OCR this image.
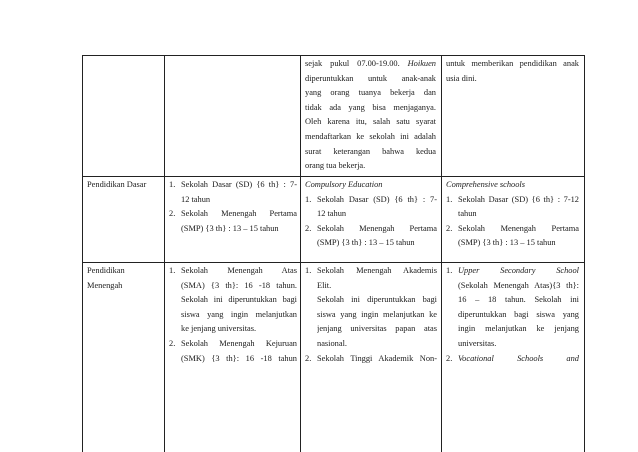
sejak pukul 07.00-19.00. Hoikuen
diperuntukkan untuk anak-anak
yang orang tuanya bekerja dan
tidak ada yang bisa menjaganya.
Oleh karena itu, salah satu syarat
mendaftarkan ke sekolah ini adalah
surat keterangan bahwa kedua
orang tua bekerja.
untuk memberikan pendidikan anak
usia dini.
Pendidikan Dasar	1. Sekolah Dasar (SD) {6 th} : 7-
12 tahun
2. Sekolah Menengah Pertama
(SMP) {3 th} : 13 – 15 tahun
Compulsory Education
1. Sekolah Dasar (SD) {6 th} : 7-
12 tahun
2. Sekolah Menengah Pertama
(SMP) {3 th} : 13 – 15 tahun
Comprehensive schools
1. Sekolah Dasar (SD) {6 th} : 7-12
tahun
2. Sekolah Menengah Pertama
(SMP) {3 th} : 13 – 15 tahun
Pendidikan
Menengah
1. Sekolah Menengah Atas
(SMA) {3 th}: 16 -18 tahun.
Sekolah ini diperuntukkan bagi
siswa yang ingin melanjutkan
ke jenjang universitas.
2. Sekolah Menengah Kejuruan
(SMK) {3 th}: 16 -18 tahun
1. Sekolah Menengah Akademis
Elit.
Sekolah ini diperuntukkan bagi
siswa yang ingin melanjutkan ke
jenjang universitas papan atas
nasional.
2. Sekolah Tinggi Akademik Non-
1. Upper Secondary School
(Sekolah Menengah Atas){3 th}:
16 – 18 tahun. Sekolah ini
diperuntukkan bagi siswa yang
ingin melanjutkan ke jenjang
universitas.
2. Vocational Schools and
